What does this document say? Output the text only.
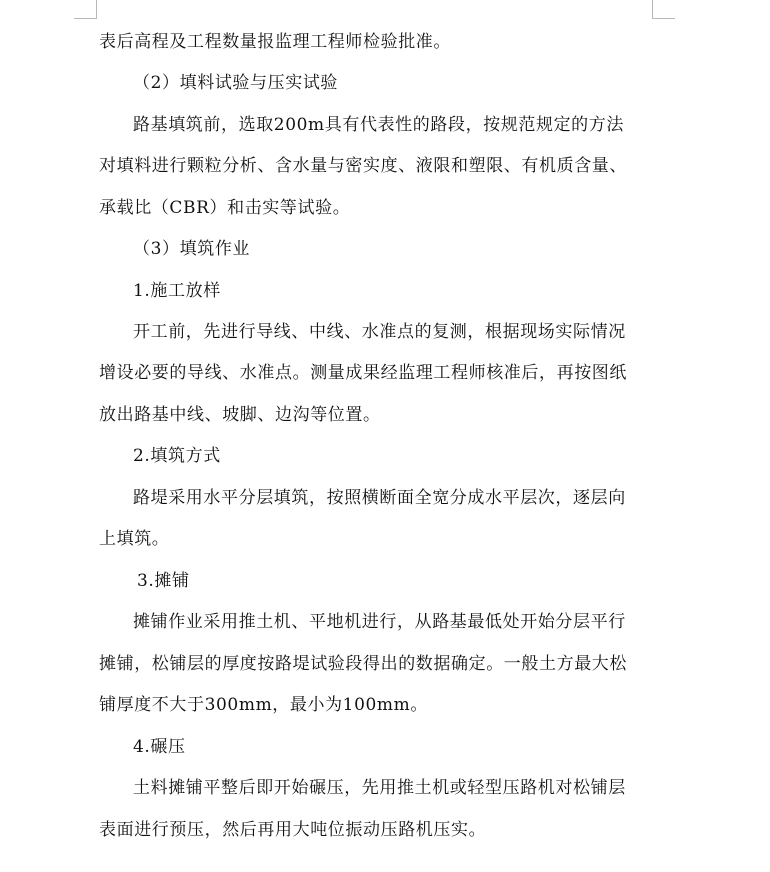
表后高程及工程数量报监理工程师检验批准。
（2）填料试验与压实试验
路基填筑前，选取200m具有代表性的路段，按规范规定的方法
对填料进行颗粒分析、含水量与密实度、液限和塑限、有机质含量、
承载比（CBR）和击实等试验。
（3）填筑作业
1.施工放样
开工前，先进行导线、中线、水准点的复测，根据现场实际情况
增设必要的导线、水准点。测量成果经监理工程师核准后，再按图纸
放出路基中线、坡脚、边沟等位置。
2.填筑方式
路堤采用水平分层填筑，按照横断面全宽分成水平层次，逐层向
上填筑。
3.摊铺
摊铺作业采用推土机、平地机进行，从路基最低处开始分层平行
摊铺，松铺层的厚度按路堤试验段得出的数据确定。一般土方最大松
铺厚度不大于300mm，最小为100mm。
4.碾压
土料摊铺平整后即开始碾压，先用推土机或轻型压路机对松铺层
表面进行预压，然后再用大吨位振动压路机压实。
